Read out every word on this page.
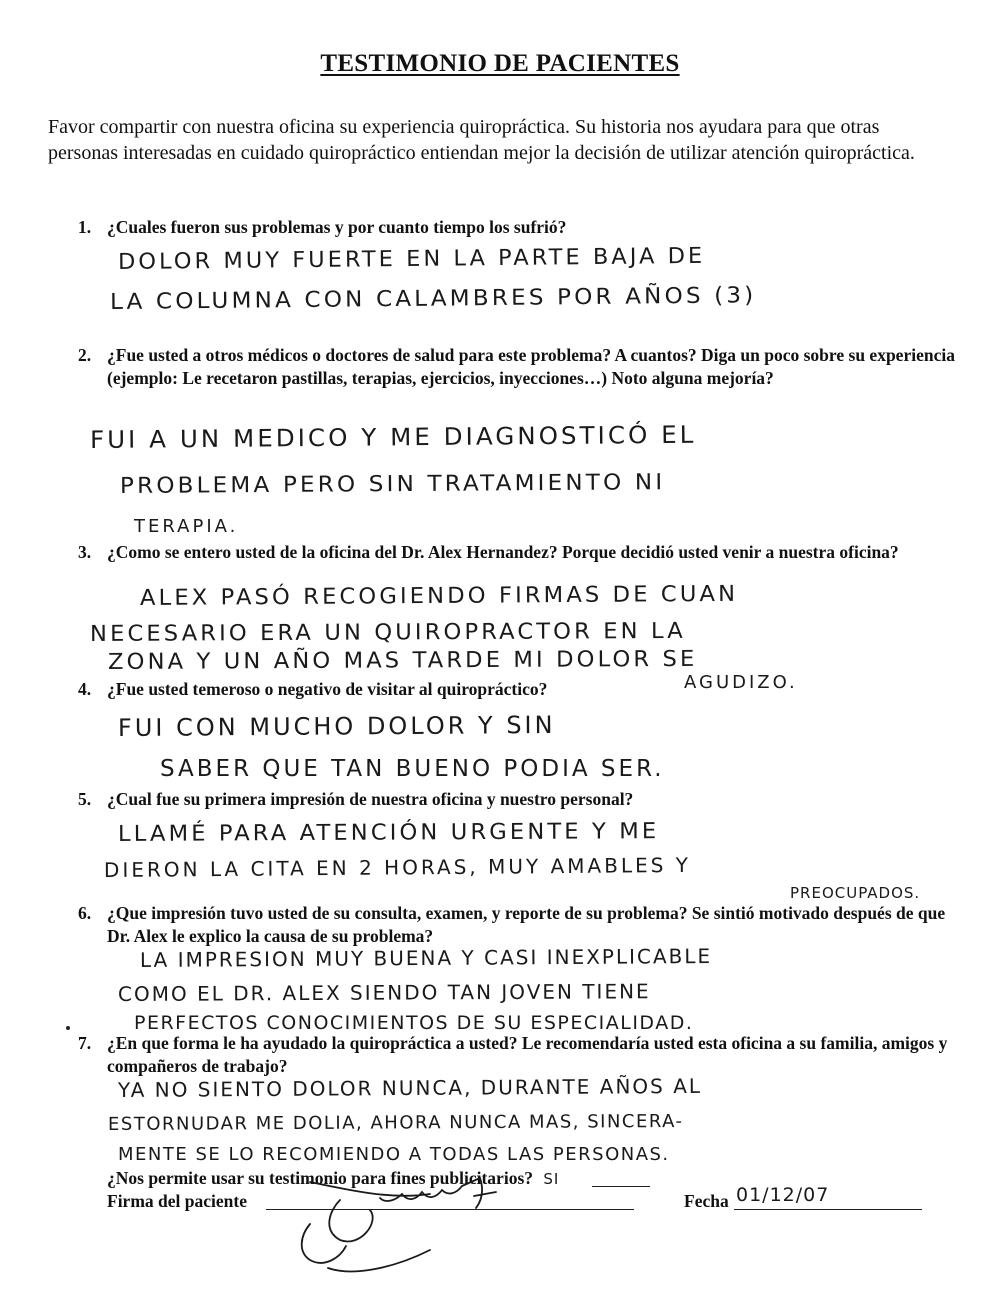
TESTIMONIO DE PACIENTES
Favor compartir con nuestra oficina su experiencia quiropráctica. Su historia nos ayudara para que otras personas interesadas en cuidado quiropráctico entiendan mejor la decisión de utilizar atención quiropráctica.
1. ¿Cuales fueron sus problemas y por cuanto tiempo los sufrió?
DOLOR MUY FUERTE EN LA PARTE BAJA DE
LA COLUMNA CON CALAMBRES POR AÑOS (3)
2. ¿Fue usted a otros médicos o doctores de salud para este problema? A cuantos? Diga un poco sobre su experiencia (ejemplo: Le recetaron pastillas, terapias, ejercicios, inyecciones…) Noto alguna mejoría?
FUI A UN MEDICO Y ME DIAGNOSTICÓ EL
PROBLEMA PERO SIN TRATAMIENTO NI
TERAPIA.
3. ¿Como se entero usted de la oficina del Dr. Alex Hernandez? Porque decidió usted venir a nuestra oficina?
ALEX PASÓ RECOGIENDO FIRMAS DE CUAN
NECESARIO ERA UN QUIROPRACTOR EN LA
ZONA Y UN AÑO MAS TARDE MI DOLOR SE
AGUDIZO.
4. ¿Fue usted temeroso o negativo de visitar al quiropráctico?
FUI CON MUCHO DOLOR Y SIN
SABER QUE TAN BUENO PODIA SER.
5. ¿Cual fue su primera impresión de nuestra oficina y nuestro personal?
LLAMÉ PARA ATENCIÓN URGENTE Y ME
DIERON LA CITA EN 2 HORAS, MUY AMABLES Y
PREOCUPADOS.
6. ¿Que impresión tuvo usted de su consulta, examen, y reporte de su problema? Se sintió motivado después de que Dr. Alex le explico la causa de su problema?
LA IMPRESION MUY BUENA Y CASI INEXPLICABLE
COMO EL DR. ALEX SIENDO TAN JOVEN TIENE
PERFECTOS CONOCIMIENTOS DE SU ESPECIALIDAD.
7. ¿En que forma le ha ayudado la quiropráctica a usted? Le recomendaría usted esta oficina a su familia, amigos y compañeros de trabajo?
YA NO SIENTO DOLOR NUNCA, DURANTE AÑOS AL
ESTORNUDAR ME DOLIA, AHORA NUNCA MAS, SINCERA-
MENTE SE LO RECOMIENDO A TODAS LAS PERSONAS.
¿Nos permite usar su testimonio para fines publicitarios? SI
Firma del paciente	Fecha 01/12/07
